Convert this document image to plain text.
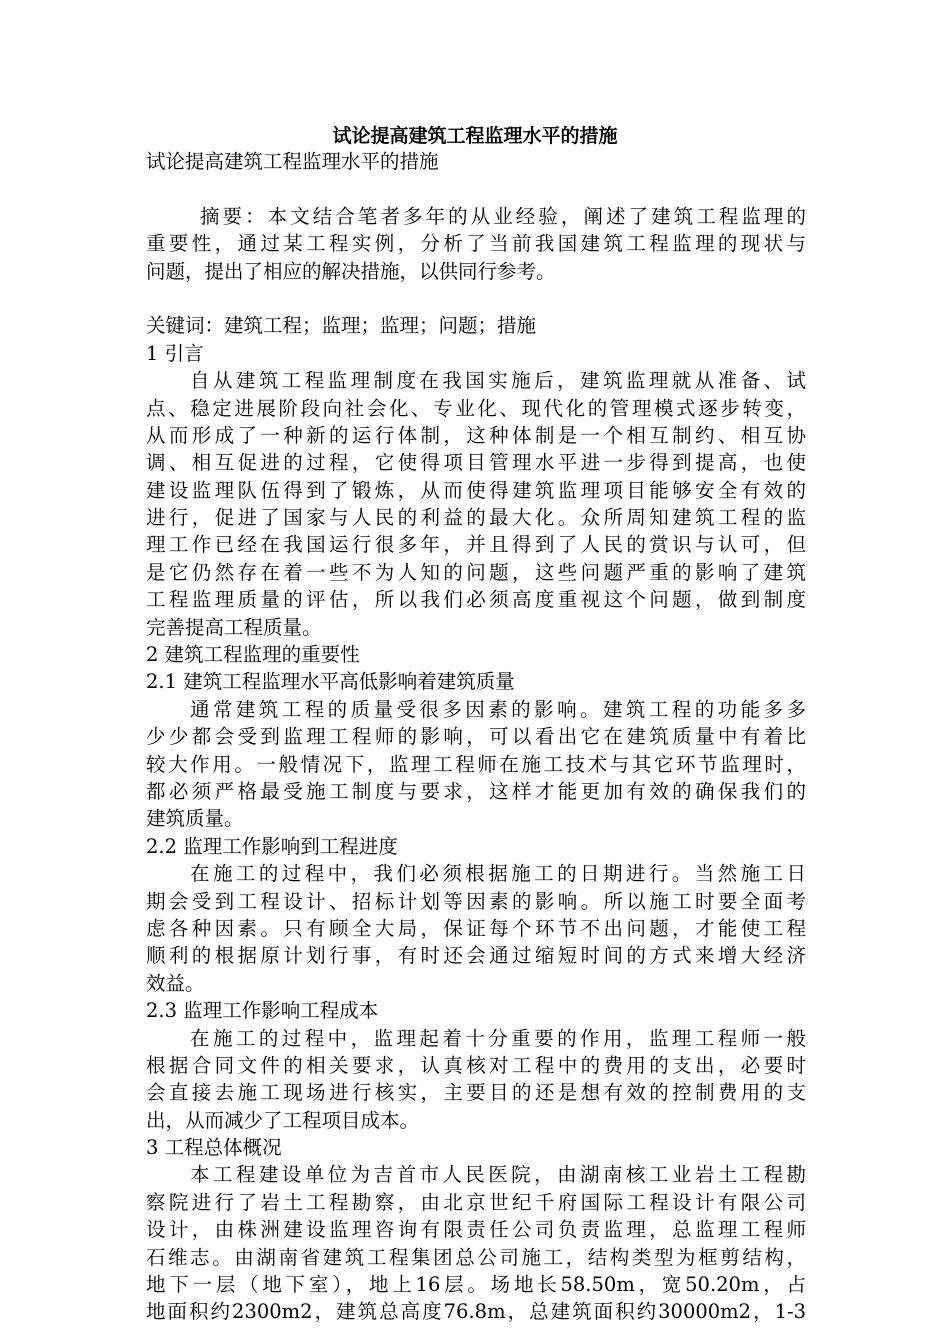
试论提高建筑工程监理水平的措施

试论提高建筑工程监理水平的措施

摘要：本文结合笔者多年的从业经验，阐述了建筑工程监理的
重要性，通过某工程实例，分析了当前我国建筑工程监理的现状与
问题，提出了相应的解决措施，以供同行参考。

关键词：建筑工程；监理；监理；问题；措施

1 引言

自从建筑工程监理制度在我国实施后，建筑监理就从准备、试
点、稳定进展阶段向社会化、专业化、现代化的管理模式逐步转变，
从而形成了一种新的运行体制，这种体制是一个相互制约、相互协
调、相互促进的过程，它使得项目管理水平进一步得到提高，也使
建设监理队伍得到了锻炼，从而使得建筑监理项目能够安全有效的
进行，促进了国家与人民的利益的最大化。众所周知建筑工程的监
理工作已经在我国运行很多年，并且得到了人民的赏识与认可，但
是它仍然存在着一些不为人知的问题，这些问题严重的影响了建筑
工程监理质量的评估，所以我们必须高度重视这个问题，做到制度
完善提高工程质量。

2 建筑工程监理的重要性

2.1 建筑工程监理水平高低影响着建筑质量

通常建筑工程的质量受很多因素的影响。建筑工程的功能多多
少少都会受到监理工程师的影响，可以看出它在建筑质量中有着比
较大作用。一般情况下，监理工程师在施工技术与其它环节监理时，
都必须严格最受施工制度与要求，这样才能更加有效的确保我们的
建筑质量。

2.2 监理工作影响到工程进度

在施工的过程中，我们必须根据施工的日期进行。当然施工日
期会受到工程设计、招标计划等因素的影响。所以施工时要全面考
虑各种因素。只有顾全大局，保证每个环节不出问题，才能使工程
顺利的根据原计划行事，有时还会通过缩短时间的方式来增大经济
效益。

2.3 监理工作影响工程成本

在施工的过程中，监理起着十分重要的作用，监理工程师一般
根据合同文件的相关要求，认真核对工程中的费用的支出，必要时
会直接去施工现场进行核实，主要目的还是想有效的控制费用的支
出，从而减少了工程项目成本。

3 工程总体概况

本工程建设单位为吉首市人民医院，由湖南核工业岩土工程勘
察院进行了岩土工程勘察，由北京世纪千府国际工程设计有限公司
设计，由株洲建设监理咨询有限责任公司负责监理，总监理工程师
石维志。由湖南省建筑工程集团总公司施工，结构类型为框剪结构，
地下一层（地下室），地上16层。场地长58.50m，宽50.20m，占
地面积约2300m2，建筑总高度76.8m，总建筑面积约30000m2，1-3
